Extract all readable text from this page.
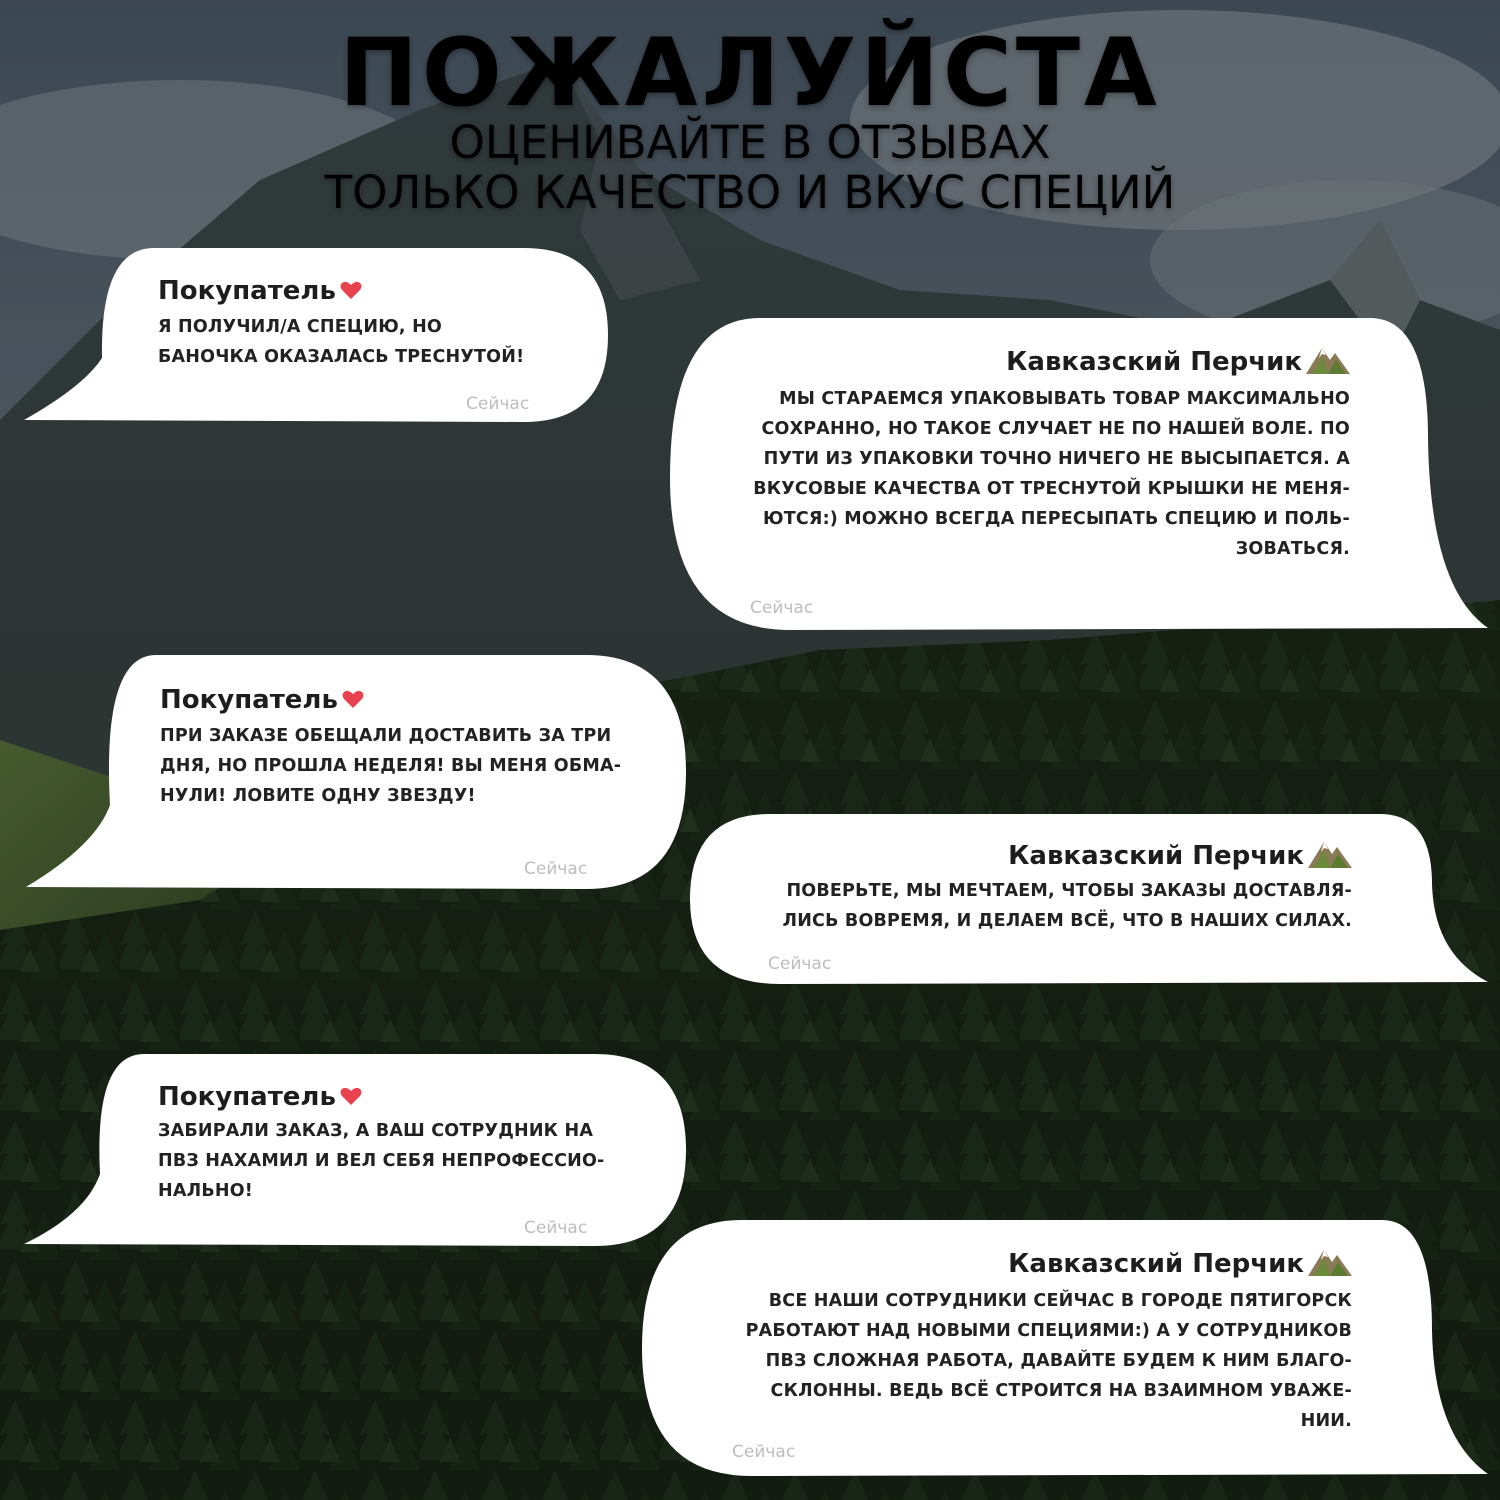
ПОЖАЛУЙСТА
ОЦЕНИВАЙТЕ В ОТЗЫВАХ
ТОЛЬКО КАЧЕСТВО И ВКУС СПЕЦИЙ
Покупатель
Я ПОЛУЧИЛ/А СПЕЦИЮ, НО
БАНОЧКА ОКАЗАЛАСЬ ТРЕСНУТОЙ!
Сейчас
Кавказский Перчик
МЫ СТАРАЕМСЯ УПАКОВЫВАТЬ ТОВАР МАКСИМАЛЬНО
СОХРАННО, НО ТАКОЕ СЛУЧАЕТ НЕ ПО НАШЕЙ ВОЛЕ. ПО
ПУТИ ИЗ УПАКОВКИ ТОЧНО НИЧЕГО НЕ ВЫСЫПАЕТСЯ. А
ВКУСОВЫЕ КАЧЕСТВА ОТ ТРЕСНУТОЙ КРЫШКИ НЕ МЕНЯ-
ЮТСЯ:) МОЖНО ВСЕГДА ПЕРЕСЫПАТЬ СПЕЦИЮ И ПОЛЬ-
ЗОВАТЬСЯ.
Сейчас
Покупатель
ПРИ ЗАКАЗЕ ОБЕЩАЛИ ДОСТАВИТЬ ЗА ТРИ
ДНЯ, НО ПРОШЛА НЕДЕЛЯ! ВЫ МЕНЯ ОБМА-
НУЛИ! ЛОВИТЕ ОДНУ ЗВЕЗДУ!
Сейчас	Кавказский Перчик
ПОВЕРЬТЕ, МЫ МЕЧТАЕМ, ЧТОБЫ ЗАКАЗЫ ДОСТАВЛЯ-
ЛИСЬ ВОВРЕМЯ, И ДЕЛАЕМ ВСЁ, ЧТО В НАШИХ СИЛАХ.
Сейчас
Покупатель
ЗАБИРАЛИ ЗАКАЗ, А ВАШ СОТРУДНИК НА
ПВЗ НАХАМИЛ И ВЕЛ СЕБЯ НЕПРОФЕССИО-
НАЛЬНО!
Сейчас
Кавказский Перчик
ВСЕ НАШИ СОТРУДНИКИ СЕЙЧАС В ГОРОДЕ ПЯТИГОРСК
РАБОТАЮТ НАД НОВЫМИ СПЕЦИЯМИ:) А У СОТРУДНИКОВ
ПВЗ СЛОЖНАЯ РАБОТА, ДАВАЙТЕ БУДЕМ К НИМ БЛАГО-
СКЛОННЫ. ВЕДЬ ВСЁ СТРОИТСЯ НА ВЗАИМНОМ УВАЖЕ-
НИИ.
Сейчас
